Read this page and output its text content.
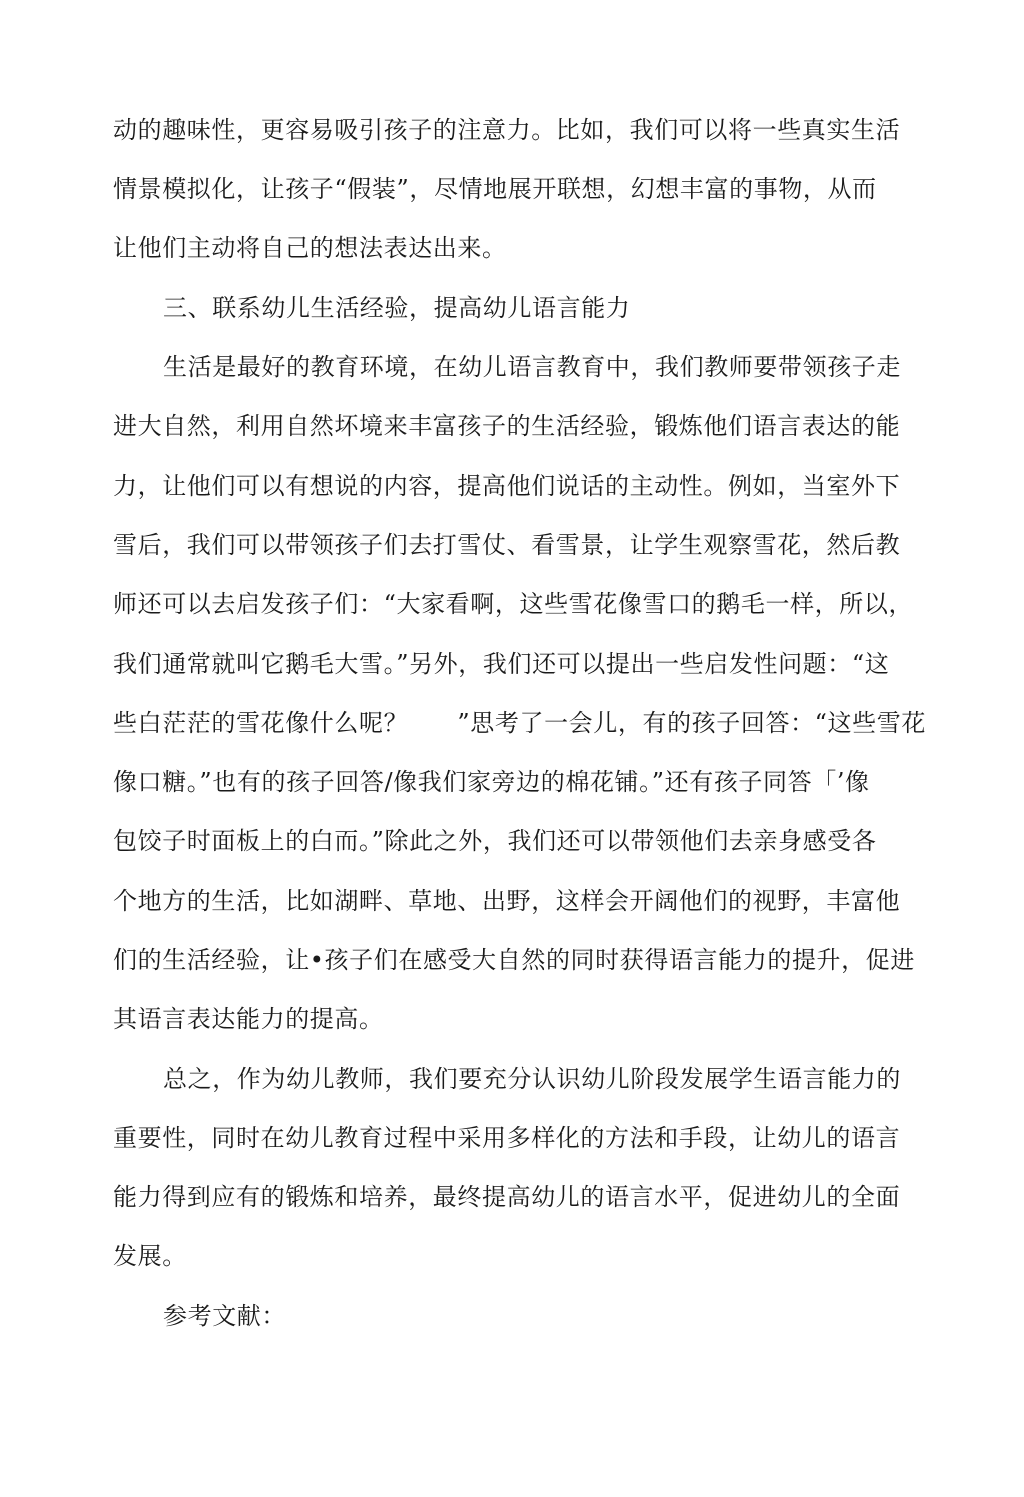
动的趣味性，更容易吸引孩子的注意力。比如，我们可以将一些真实生活
情景模拟化，让孩子“假装”，尽情地展开联想，幻想丰富的事物，从而
让他们主动将自己的想法表达出来。
三、联系幼儿生活经验，提高幼儿语言能力
生活是最好的教育环境，在幼儿语言教育中，我们教师要带领孩子走
进大自然，利用自然坏境来丰富孩子的生活经验，锻炼他们语言表达的能
力，让他们可以有想说的内容，提高他们说话的主动性。例如，当室外下
雪后，我们可以带领孩子们去打雪仗、看雪景，让学生观察雪花，然后教
师还可以去启发孩子们：“大家看啊，这些雪花像雪口的鹅毛一样，所以，
我们通常就叫它鹅毛大雪。”另外，我们还可以提出一些启发性问题：“这
些白茫茫的雪花像什么呢？　　”思考了一会儿，有的孩子回答：“这些雪花
像口糖。”也有的孩子回答/像我们家旁边的棉花铺。”还有孩子同答「’像
包饺子时面板上的白而。”除此之外，我们还可以带领他们去亲身感受各
个地方的生活，比如湖畔、草地、出野，这样会开阔他们的视野，丰富他
们的生活经验，让•孩子们在感受大自然的同时获得语言能力的提升，促进
其语言表达能力的提高。
总之，作为幼儿教师，我们要充分认识幼儿阶段发展学生语言能力的
重要性，同时在幼儿教育过程中采用多样化的方法和手段，让幼儿的语言
能力得到应有的锻炼和培养，最终提高幼儿的语言水平，促进幼儿的全面
发展。
参考文献：
